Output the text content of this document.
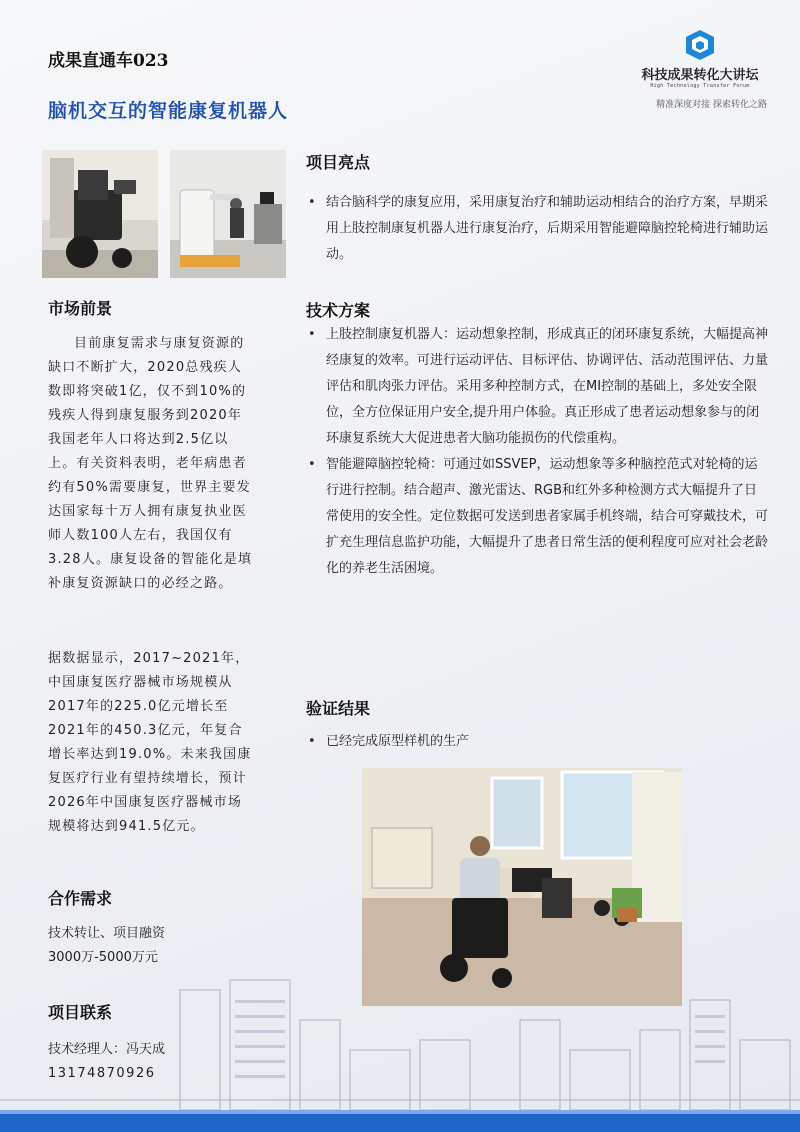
成果直通车023
脑机交互的智能康复机器人
科技成果转化大讲坛
High Technology Transfer Forum
精准深度对接 探索转化之路
市场前景
目前康复需求与康复资源的缺口不断扩大，2020总残疾人数即将突破1亿，仅不到10%的残疾人得到康复服务到2020年我国老年人口将达到2.5亿以上。有关资料表明，老年病患者约有50%需要康复，世界主要发达国家每十万人拥有康复执业医师人数100人左右，我国仅有3.28人。康复设备的智能化是填补康复资源缺口的必经之路。
据数据显示，2017~2021年，中国康复医疗器械市场规模从2017年的225.0亿元增长至2021年的450.3亿元，年复合增长率达到19.0%。未来我国康复医疗行业有望持续增长，预计2026年中国康复医疗器械市场规模将达到941.5亿元。
合作需求
技术转让、项目融资
3000万-5000万元
项目联系
技术经理人：冯天成
13174870926
项目亮点
• 结合脑科学的康复应用，采用康复治疗和辅助运动相结合的治疗方案，早期采用上肢控制康复机器人进行康复治疗，后期采用智能避障脑控轮椅进行辅助运动。
技术方案
• 上肢控制康复机器人：运动想象控制，形成真正的闭环康复系统，大幅提高神经康复的效率。可进行运动评估、目标评估、协调评估、活动范围评估、力量评估和肌肉张力评估。采用多种控制方式，在MI控制的基础上，多处安全限位，全方位保证用户安全,提升用户体验。真正形成了患者运动想象参与的闭环康复系统大大促进患者大脑功能损伤的代偿重构。
• 智能避障脑控轮椅：可通过如SSVEP，运动想象等多种脑控范式对轮椅的运行进行控制。结合超声、激光雷达、RGB和红外多种检测方式大幅提升了日常使用的安全性。定位数据可发送到患者家属手机终端，结合可穿戴技术，可扩充生理信息监护功能，大幅提升了患者日常生活的便利程度可应对社会老龄化的养老生活困境。
验证结果
• 已经完成原型样机的生产
